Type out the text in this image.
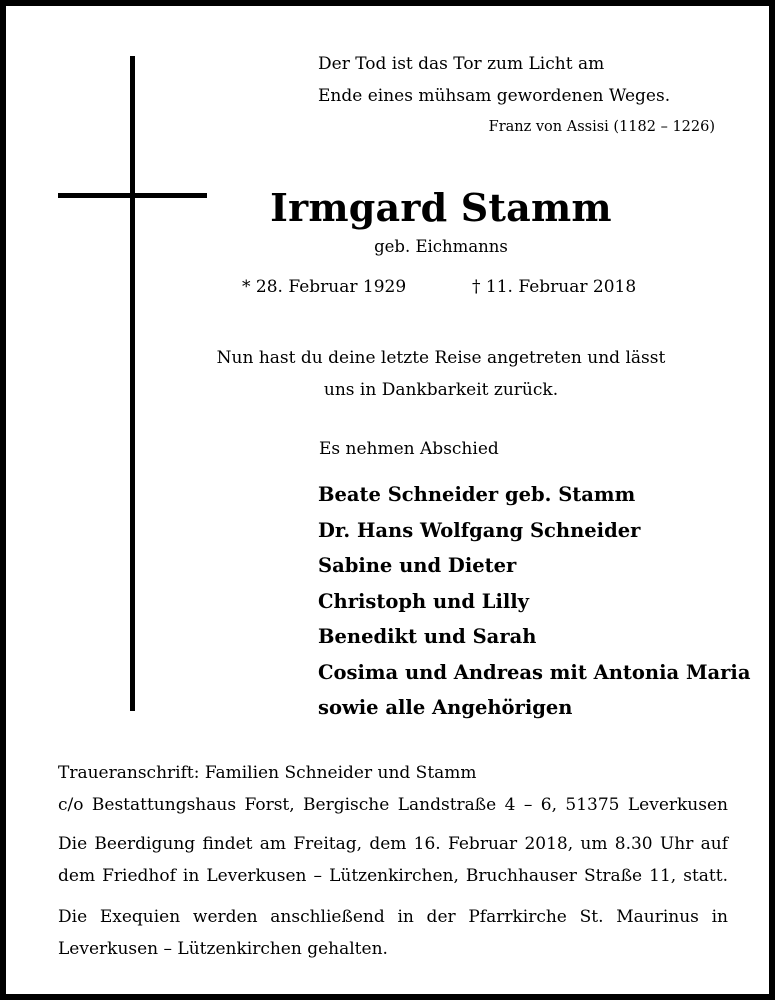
Der Tod ist das Tor zum Licht am
Ende eines mühsam gewordenen Weges.
Franz von Assisi (1182 – 1226)
Irmgard Stamm
geb. Eichmanns
* 28. Februar 1929	† 11. Februar 2018
Nun hast du deine letzte Reise angetreten und lässt
uns in Dankbarkeit zurück.
Es nehmen Abschied
Beate Schneider geb. Stamm
Dr. Hans Wolfgang Schneider
Sabine und Dieter
Christoph und Lilly
Benedikt und Sarah
Cosima und Andreas mit Antonia Maria
sowie alle Angehörigen
Traueranschrift: Familien Schneider und Stamm
c/o Bestattungshaus Forst, Bergische Landstraße 4 – 6, 51375 Leverkusen
Die Beerdigung findet am Freitag, dem 16. Februar 2018, um 8.30 Uhr auf
dem Friedhof in Leverkusen – Lützenkirchen, Bruchhauser Straße 11, statt.
Die Exequien werden anschließend in der Pfarrkirche St. Maurinus in
Leverkusen – Lützenkirchen gehalten.
